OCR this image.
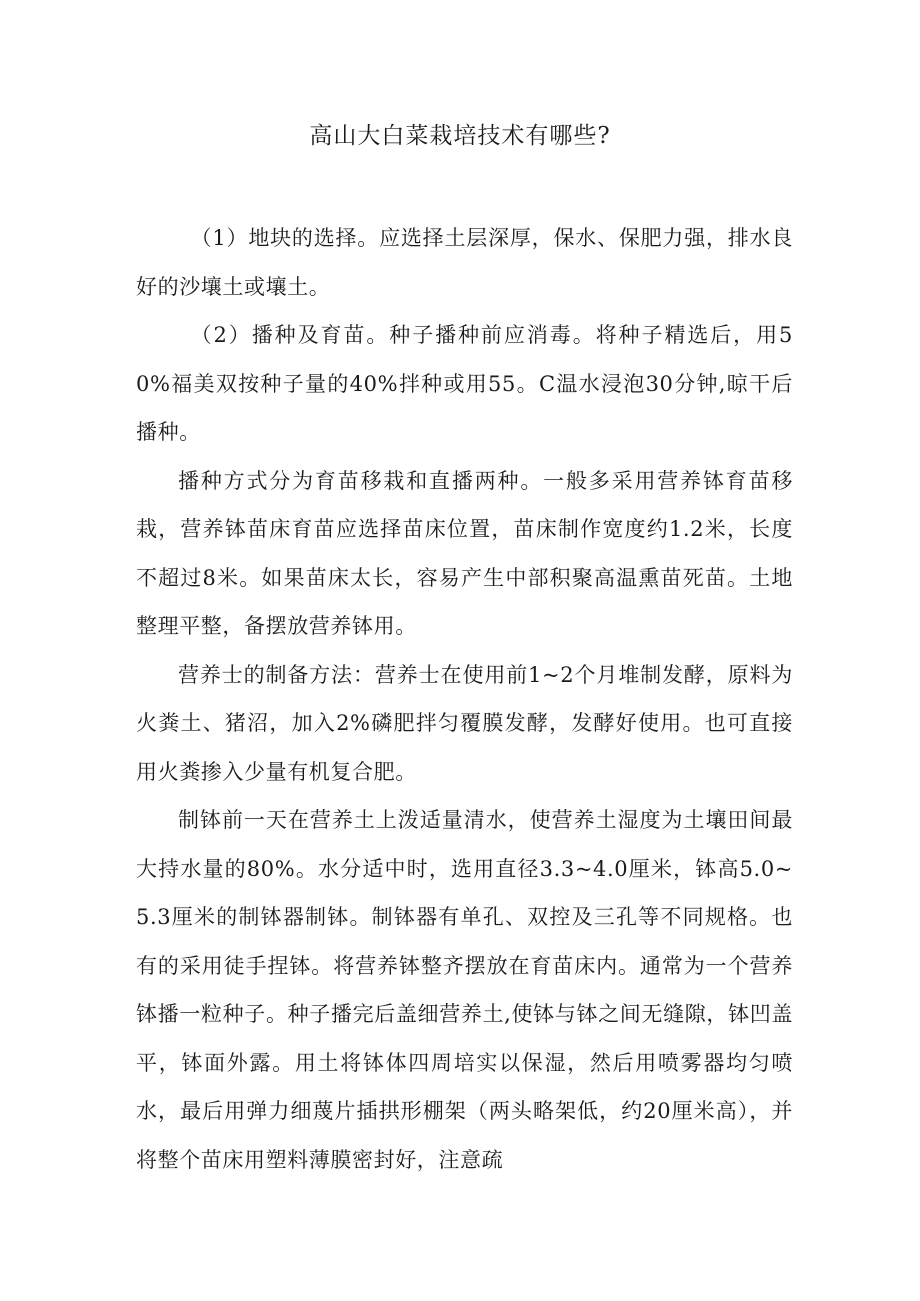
高山大白菜栽培技术有哪些?

（1）地块的选择。应选择土层深厚，保水、保肥力强，排水良好的沙壤土或壤土。

（2）播种及育苗。种子播种前应消毒。将种子精选后，用50%福美双按种子量的40%拌种或用55。C温水浸泡30分钟,晾干后播种。

播种方式分为育苗移栽和直播两种。一般多采用营养钵育苗移栽，营养钵苗床育苗应选择苗床位置，苗床制作宽度约1.2米，长度不超过8米。如果苗床太长，容易产生中部积聚高温熏苗死苗。土地整理平整，备摆放营养钵用。

营养士的制备方法：营养士在使用前1~2个月堆制发酵，原料为火粪土、猪沼，加入2%磷肥拌匀覆膜发酵，发酵好使用。也可直接用火粪掺入少量有机复合肥。

制钵前一天在营养土上泼适量清水，使营养土湿度为土壤田间最大持水量的80%。水分适中时，选用直径3.3~4.0厘米，钵高5.0~5.3厘米的制钵器制钵。制钵器有单孔、双控及三孔等不同规格。也有的采用徒手捏钵。将营养钵整齐摆放在育苗床内。通常为一个营养钵播一粒种子。种子播完后盖细营养土,使钵与钵之间无缝隙，钵凹盖平，钵面外露。用土将钵体四周培实以保湿，然后用喷雾器均匀喷水，最后用弹力细蔑片插拱形棚架（两头略架低，约20厘米高），并将整个苗床用塑料薄膜密封好，注意疏
